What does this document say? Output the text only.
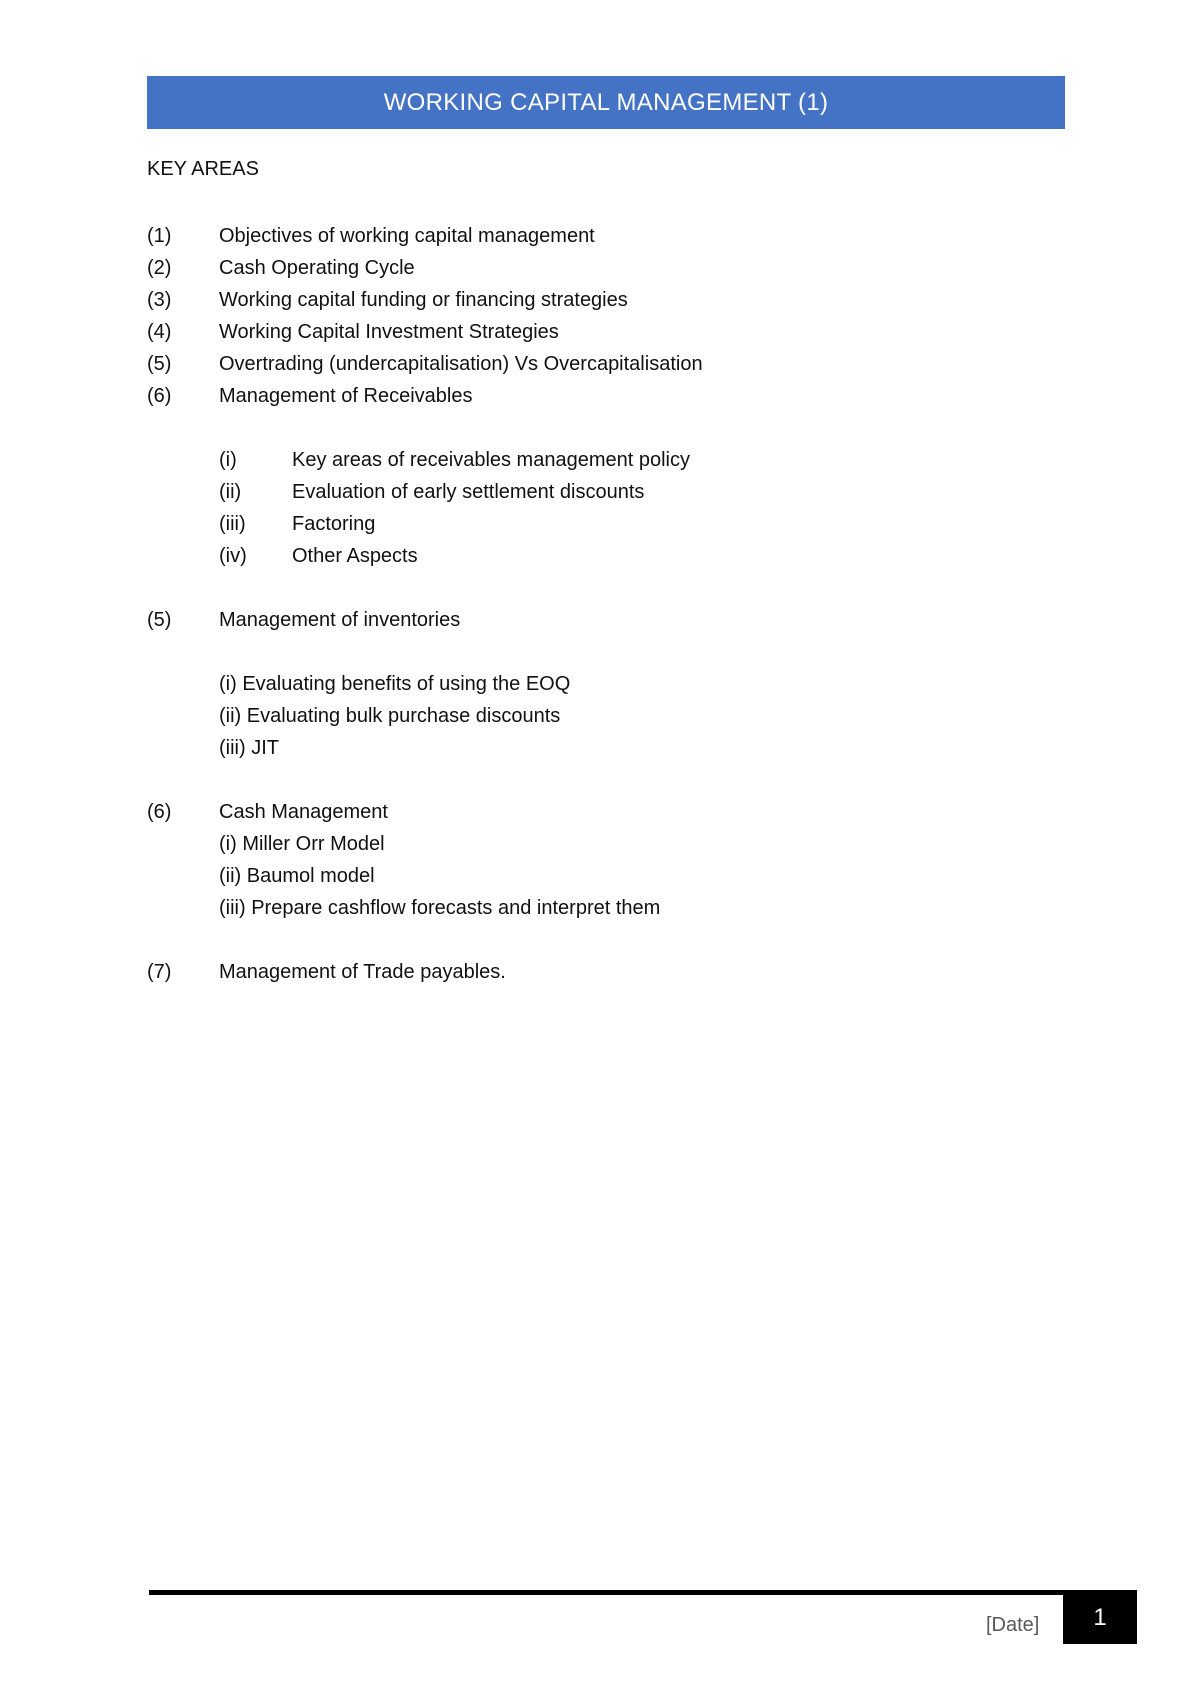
WORKING CAPITAL MANAGEMENT (1)
KEY AREAS
(1) Objectives of working capital management
(2) Cash Operating Cycle
(3) Working capital funding or financing strategies
(4) Working Capital Investment Strategies
(5) Overtrading (undercapitalisation) Vs Overcapitalisation
(6) Management of Receivables
(i)	Key areas of receivables management policy
(ii)	Evaluation of early settlement discounts
(iii) Factoring
(iv) Other Aspects
(5) Management of inventories
(i) Evaluating benefits of using the EOQ
(ii) Evaluating bulk purchase discounts
(iii) JIT
(6) Cash Management
(i) Miller Orr Model
(ii) Baumol model
(iii) Prepare cashflow forecasts and interpret them
(7) Management of Trade payables.
[Date]	1
